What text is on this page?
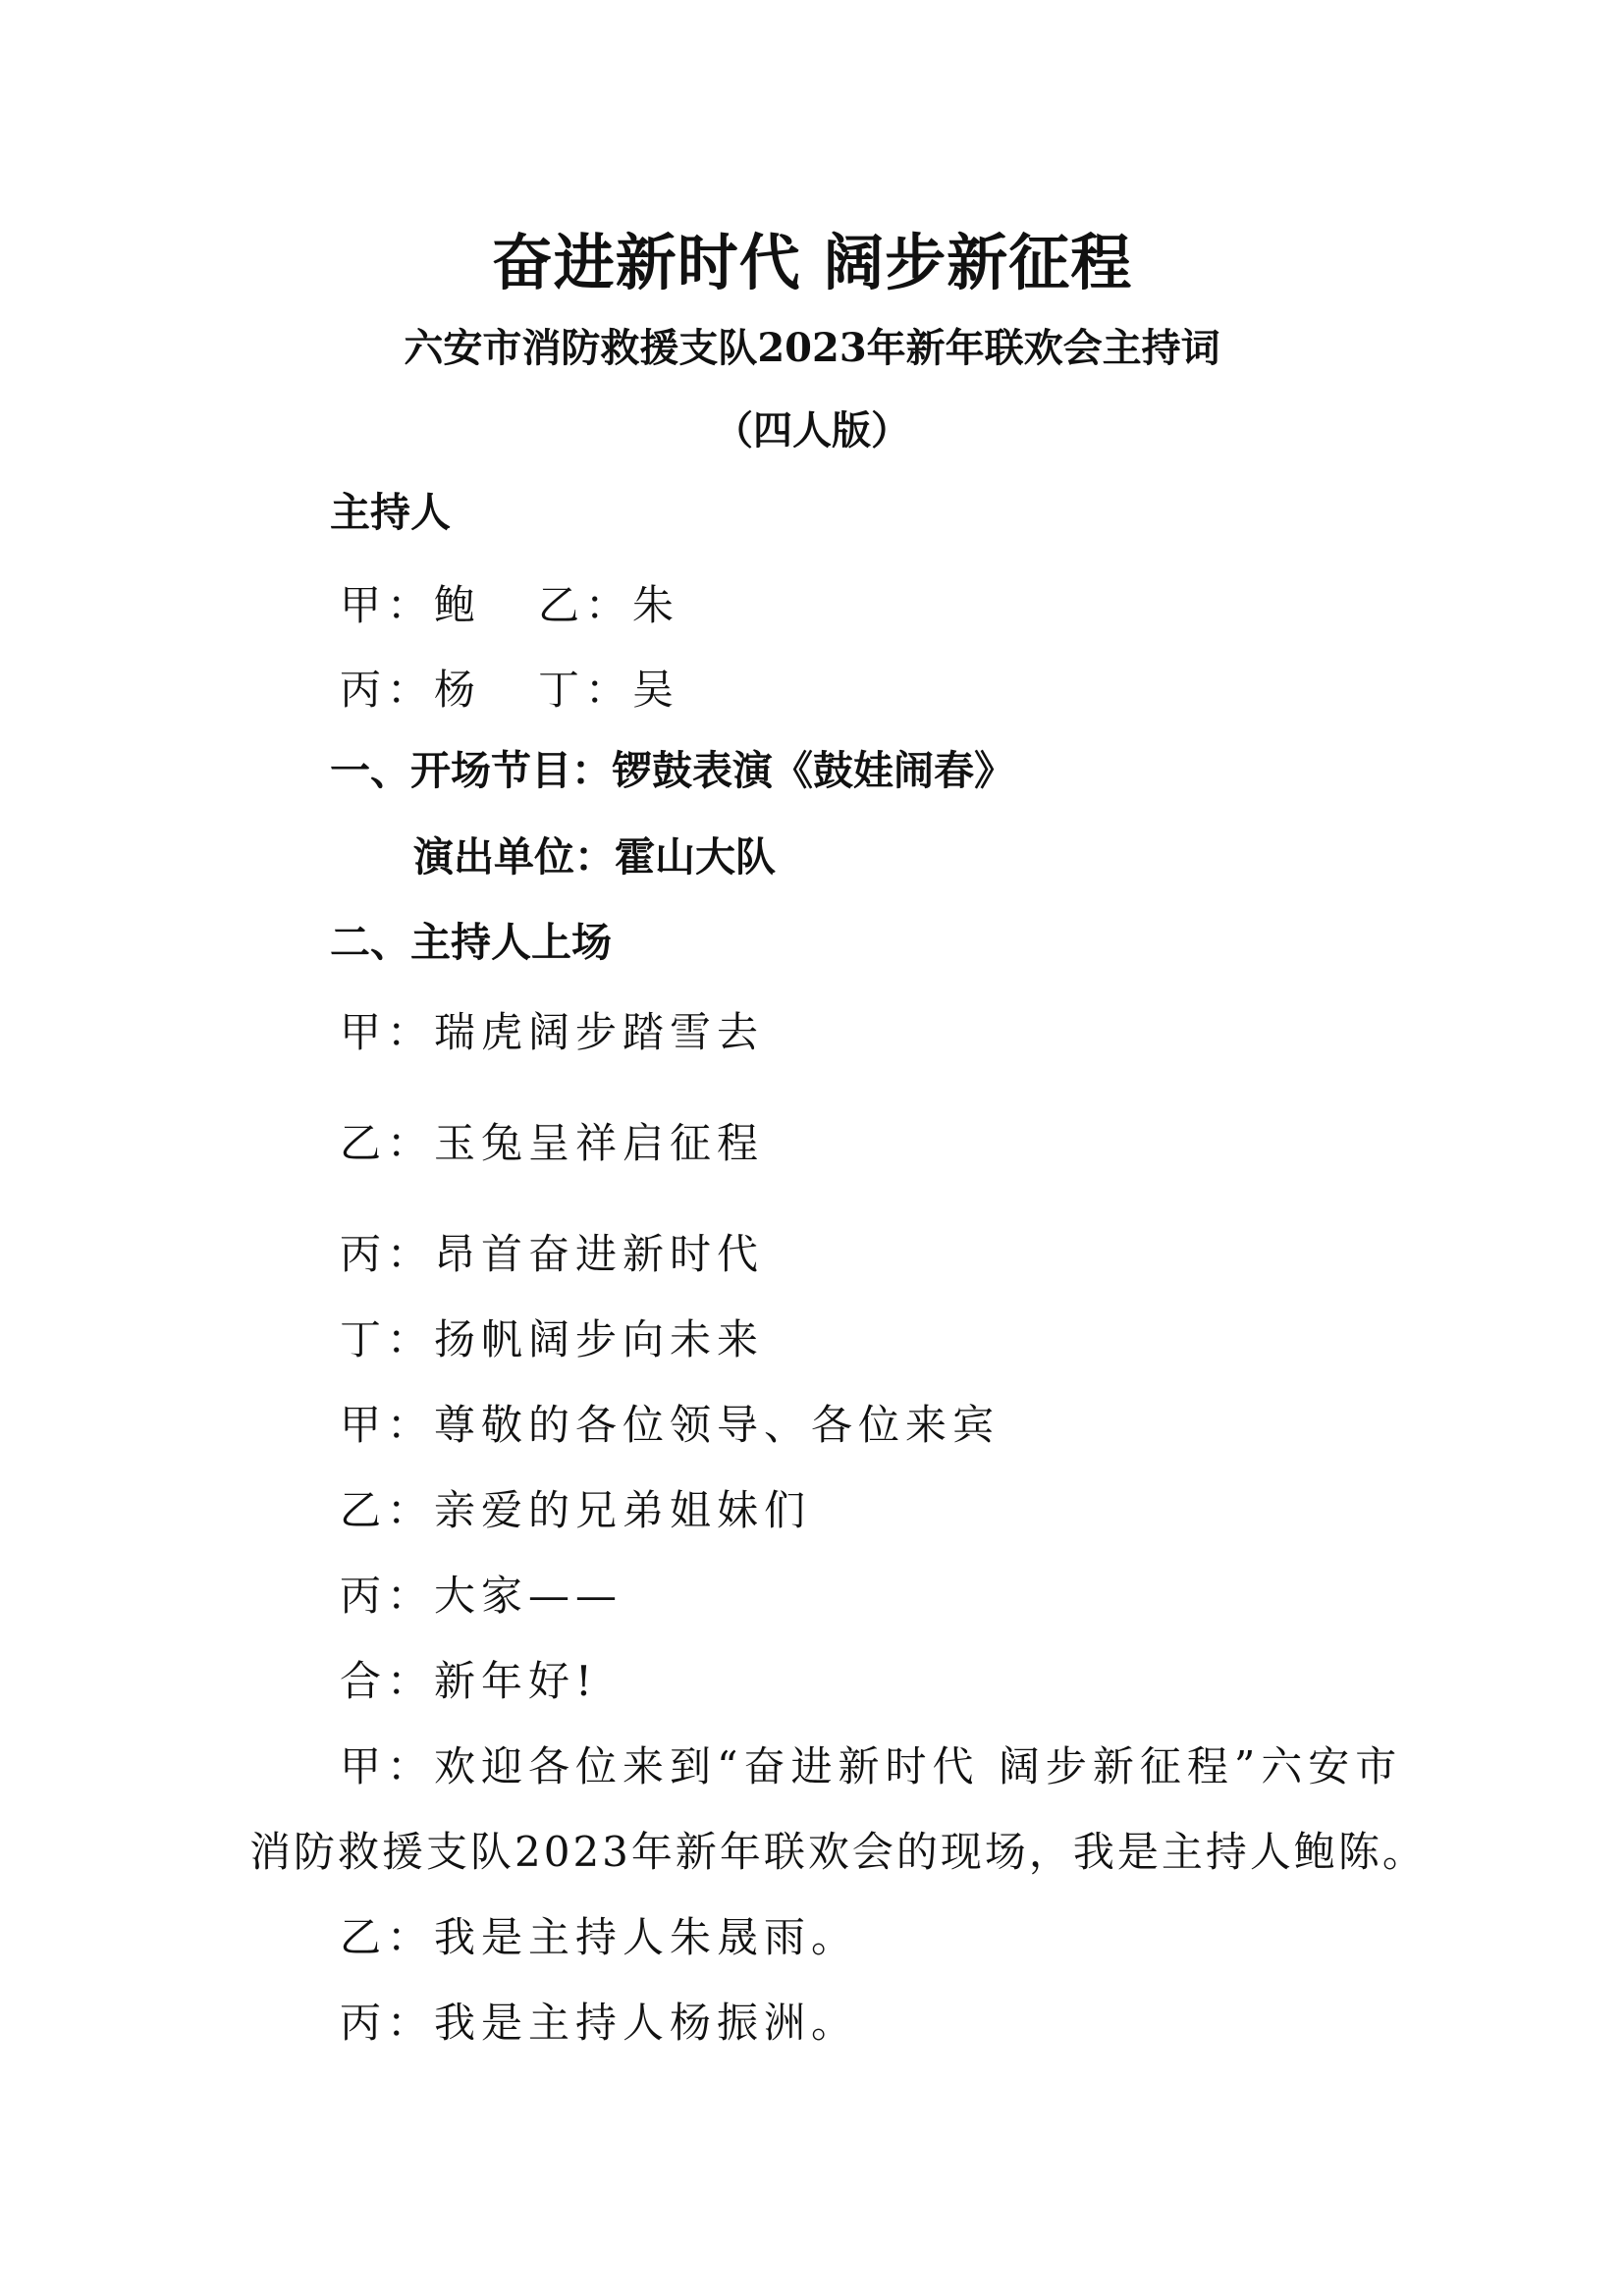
奋进新时代 阔步新征程
六安市消防救援支队2023年新年联欢会主持词
（四人版）
主持人
甲：鲍 乙：朱
丙：杨 丁：吴
一、开场节目：锣鼓表演《鼓娃闹春》
演出单位：霍山大队
二、主持人上场
甲：瑞虎阔步踏雪去
乙：玉兔呈祥启征程
丙：昂首奋进新时代
丁：扬帆阔步向未来
甲：尊敬的各位领导、各位来宾
乙：亲爱的兄弟姐妹们
丙：大家——
合：新年好!
甲：欢迎各位来到“奋进新时代 阔步新征程”六安市
消防救援支队2023年新年联欢会的现场，我是主持人鲍陈。
乙：我是主持人朱晟雨。
丙：我是主持人杨振洲。
